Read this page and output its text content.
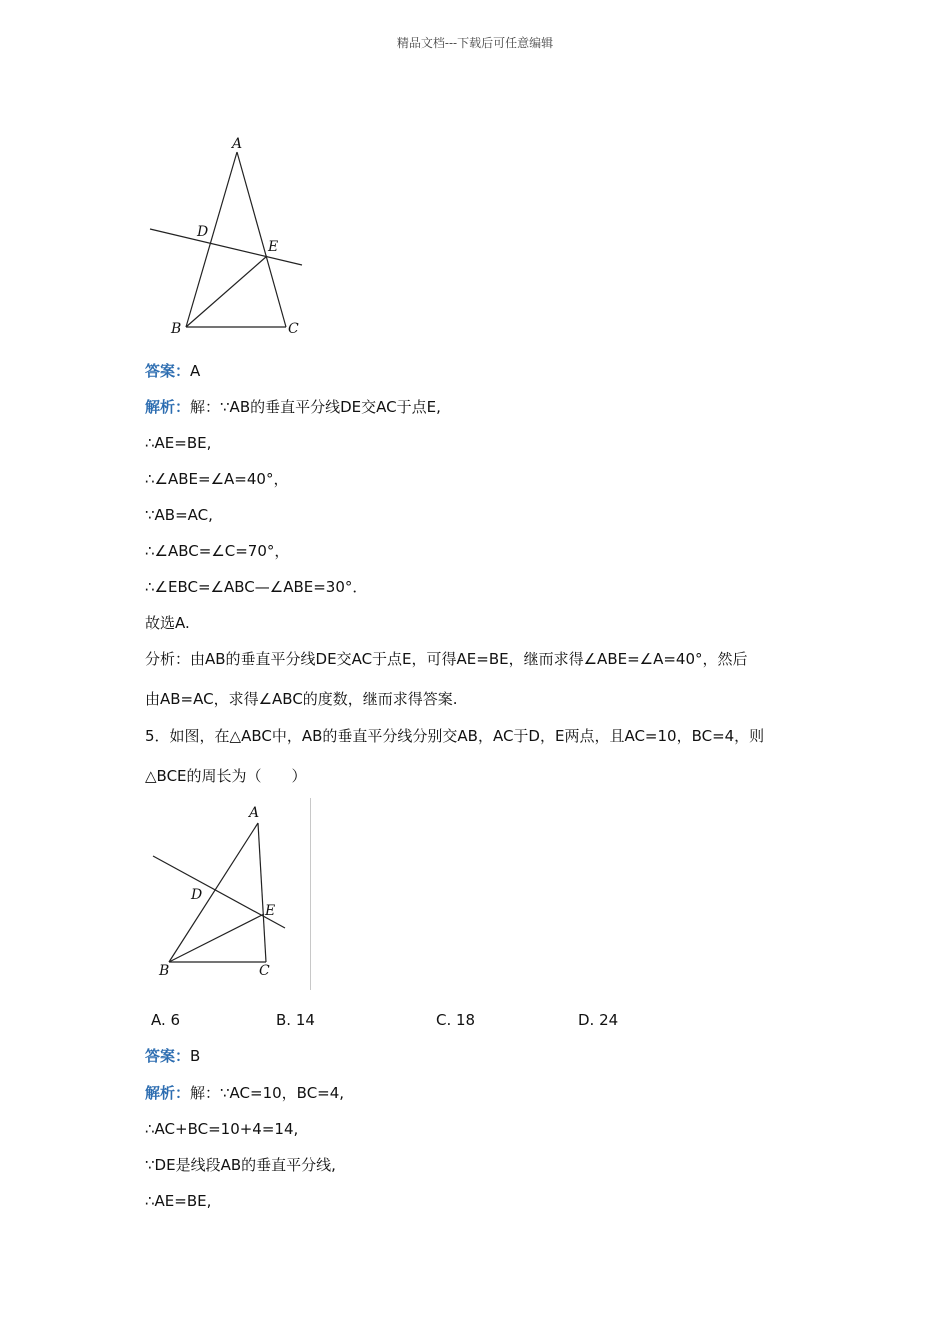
精品文档---下载后可任意编辑
A
D
E
B	C
答案：A
解析：解：∵AB的垂直平分线DE交AC于点E,
∴AE=BE,
∴∠ABE=∠A=40°，
∵AB=AC,
∴∠ABC=∠C=70°，
∴∠EBC=∠ABC—∠ABE=30°．
故选A.
分析：由AB的垂直平分线DE交AC于点E，可得AE=BE，继而求得∠ABE=∠A=40°，然后
由AB=AC，求得∠ABC的度数，继而求得答案.
5．如图，在△ABC中，AB的垂直平分线分别交AB，AC于D，E两点，且AC=10，BC=4，则
△BCE的周长为（　　）
A
D
E
B	C
A. 6	B. 14	C. 18	D. 24
答案：B
解析：解：∵AC=10，BC=4,
∴AC+BC=10+4=14,
∵DE是线段AB的垂直平分线,
∴AE=BE,
